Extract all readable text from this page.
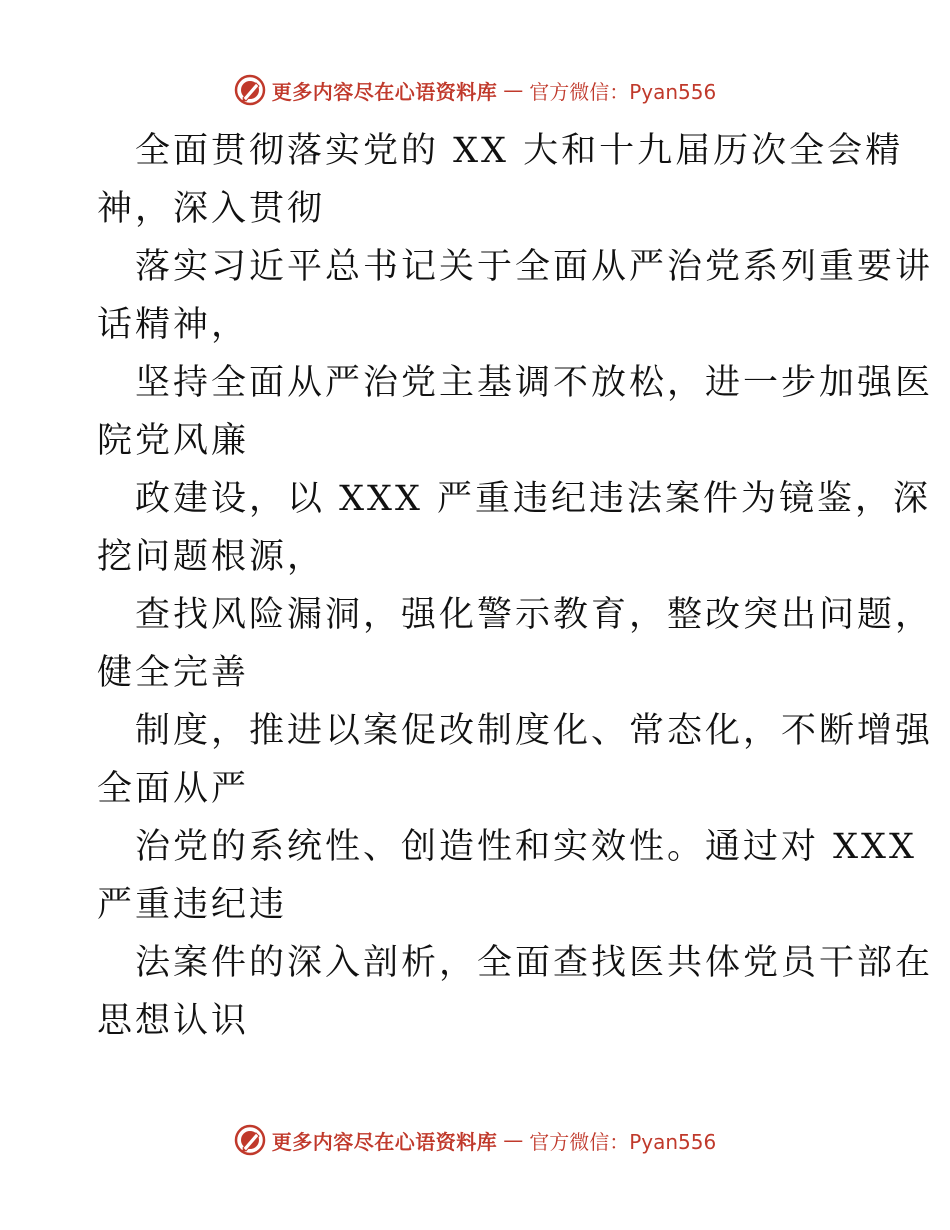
更多内容尽在心语资料库 — 官方微信：Pyan556

全面贯彻落实党的 XX 大和十九届历次全会精
神，深入贯彻

落实习近平总书记关于全面从严治党系列重要讲
话精神，

坚持全面从严治党主基调不放松，进一步加强医
院党风廉

政建设，以 XXX 严重违纪违法案件为镜鉴，深
挖问题根源，

查找风险漏洞，强化警示教育，整改突出问题，
健全完善

制度，推进以案促改制度化、常态化，不断增强
全面从严

治党的系统性、创造性和实效性。通过对 XXX
严重违纪违

法案件的深入剖析，全面查找医共体党员干部在
思想认识

更多内容尽在心语资料库 — 官方微信：Pyan556
